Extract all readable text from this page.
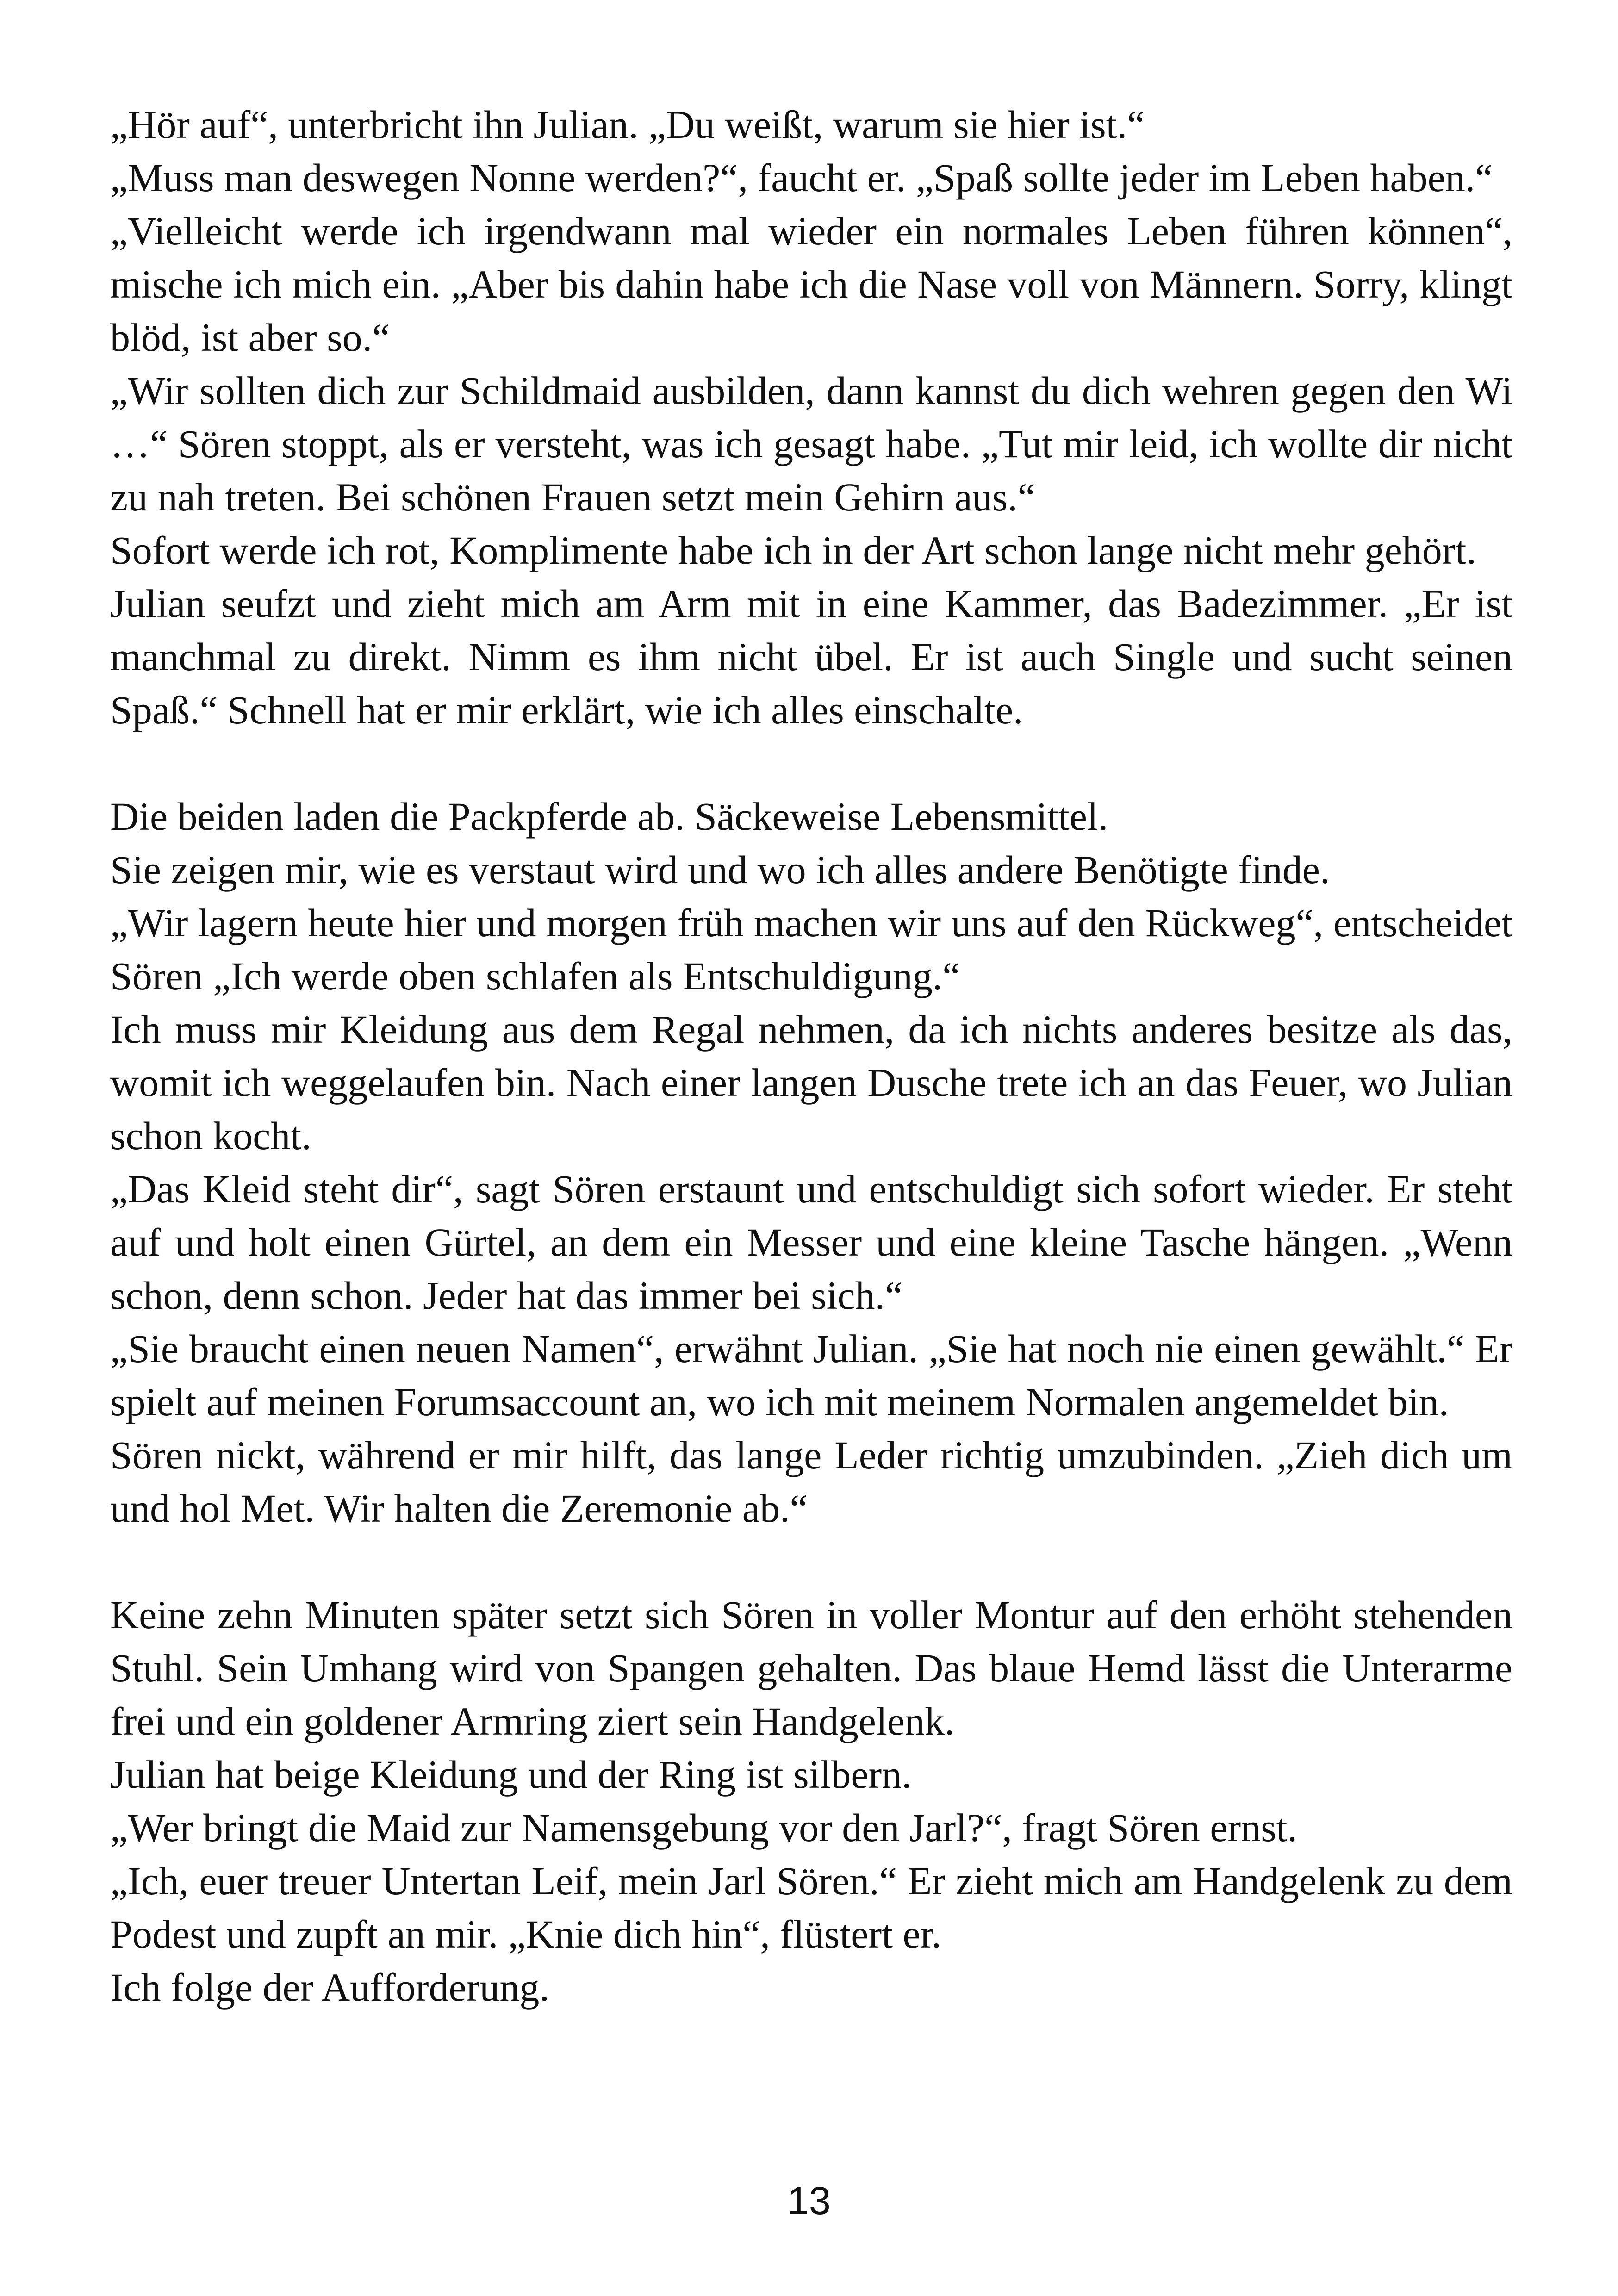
„Hör auf“, unterbricht ihn Julian. „Du weißt, warum sie hier ist.“

„Muss man deswegen Nonne werden?“, faucht er. „Spaß sollte jeder im Leben haben.“

„Vielleicht werde ich irgendwann mal wieder ein normales Leben führen können“, mische ich mich ein. „Aber bis dahin habe ich die Nase voll von Männern. Sorry, klingt blöd, ist aber so.“

„Wir sollten dich zur Schildmaid ausbilden, dann kannst du dich wehren gegen den Wi …“ Sören stoppt, als er versteht, was ich gesagt habe. „Tut mir leid, ich wollte dir nicht zu nah treten. Bei schönen Frauen setzt mein Gehirn aus.“

Sofort werde ich rot, Komplimente habe ich in der Art schon lange nicht mehr gehört.

Julian seufzt und zieht mich am Arm mit in eine Kammer, das Badezimmer. „Er ist manchmal zu direkt. Nimm es ihm nicht übel. Er ist auch Single und sucht seinen Spaß.“ Schnell hat er mir erklärt, wie ich alles einschalte.

Die beiden laden die Packpferde ab. Säckeweise Lebensmittel.

Sie zeigen mir, wie es verstaut wird und wo ich alles andere Benötigte finde.

„Wir lagern heute hier und morgen früh machen wir uns auf den Rückweg“, entscheidet Sören „Ich werde oben schlafen als Entschuldigung.“

Ich muss mir Kleidung aus dem Regal nehmen, da ich nichts anderes besitze als das, womit ich weggelaufen bin. Nach einer langen Dusche trete ich an das Feuer, wo Julian schon kocht.

„Das Kleid steht dir“, sagt Sören erstaunt und entschuldigt sich sofort wieder. Er steht auf und holt einen Gürtel, an dem ein Messer und eine kleine Tasche hängen. „Wenn schon, denn schon. Jeder hat das immer bei sich.“

„Sie braucht einen neuen Namen“, erwähnt Julian. „Sie hat noch nie einen gewählt.“ Er spielt auf meinen Forumsaccount an, wo ich mit meinem Normalen angemeldet bin.

Sören nickt, während er mir hilft, das lange Leder richtig umzubinden. „Zieh dich um und hol Met. Wir halten die Zeremonie ab.“

Keine zehn Minuten später setzt sich Sören in voller Montur auf den erhöht stehenden Stuhl. Sein Umhang wird von Spangen gehalten. Das blaue Hemd lässt die Unterarme frei und ein goldener Armring ziert sein Handgelenk.

Julian hat beige Kleidung und der Ring ist silbern.

„Wer bringt die Maid zur Namensgebung vor den Jarl?“, fragt Sören ernst.

„Ich, euer treuer Untertan Leif, mein Jarl Sören.“ Er zieht mich am Handgelenk zu dem Podest und zupft an mir. „Knie dich hin“, flüstert er.

Ich folge der Aufforderung.

13
